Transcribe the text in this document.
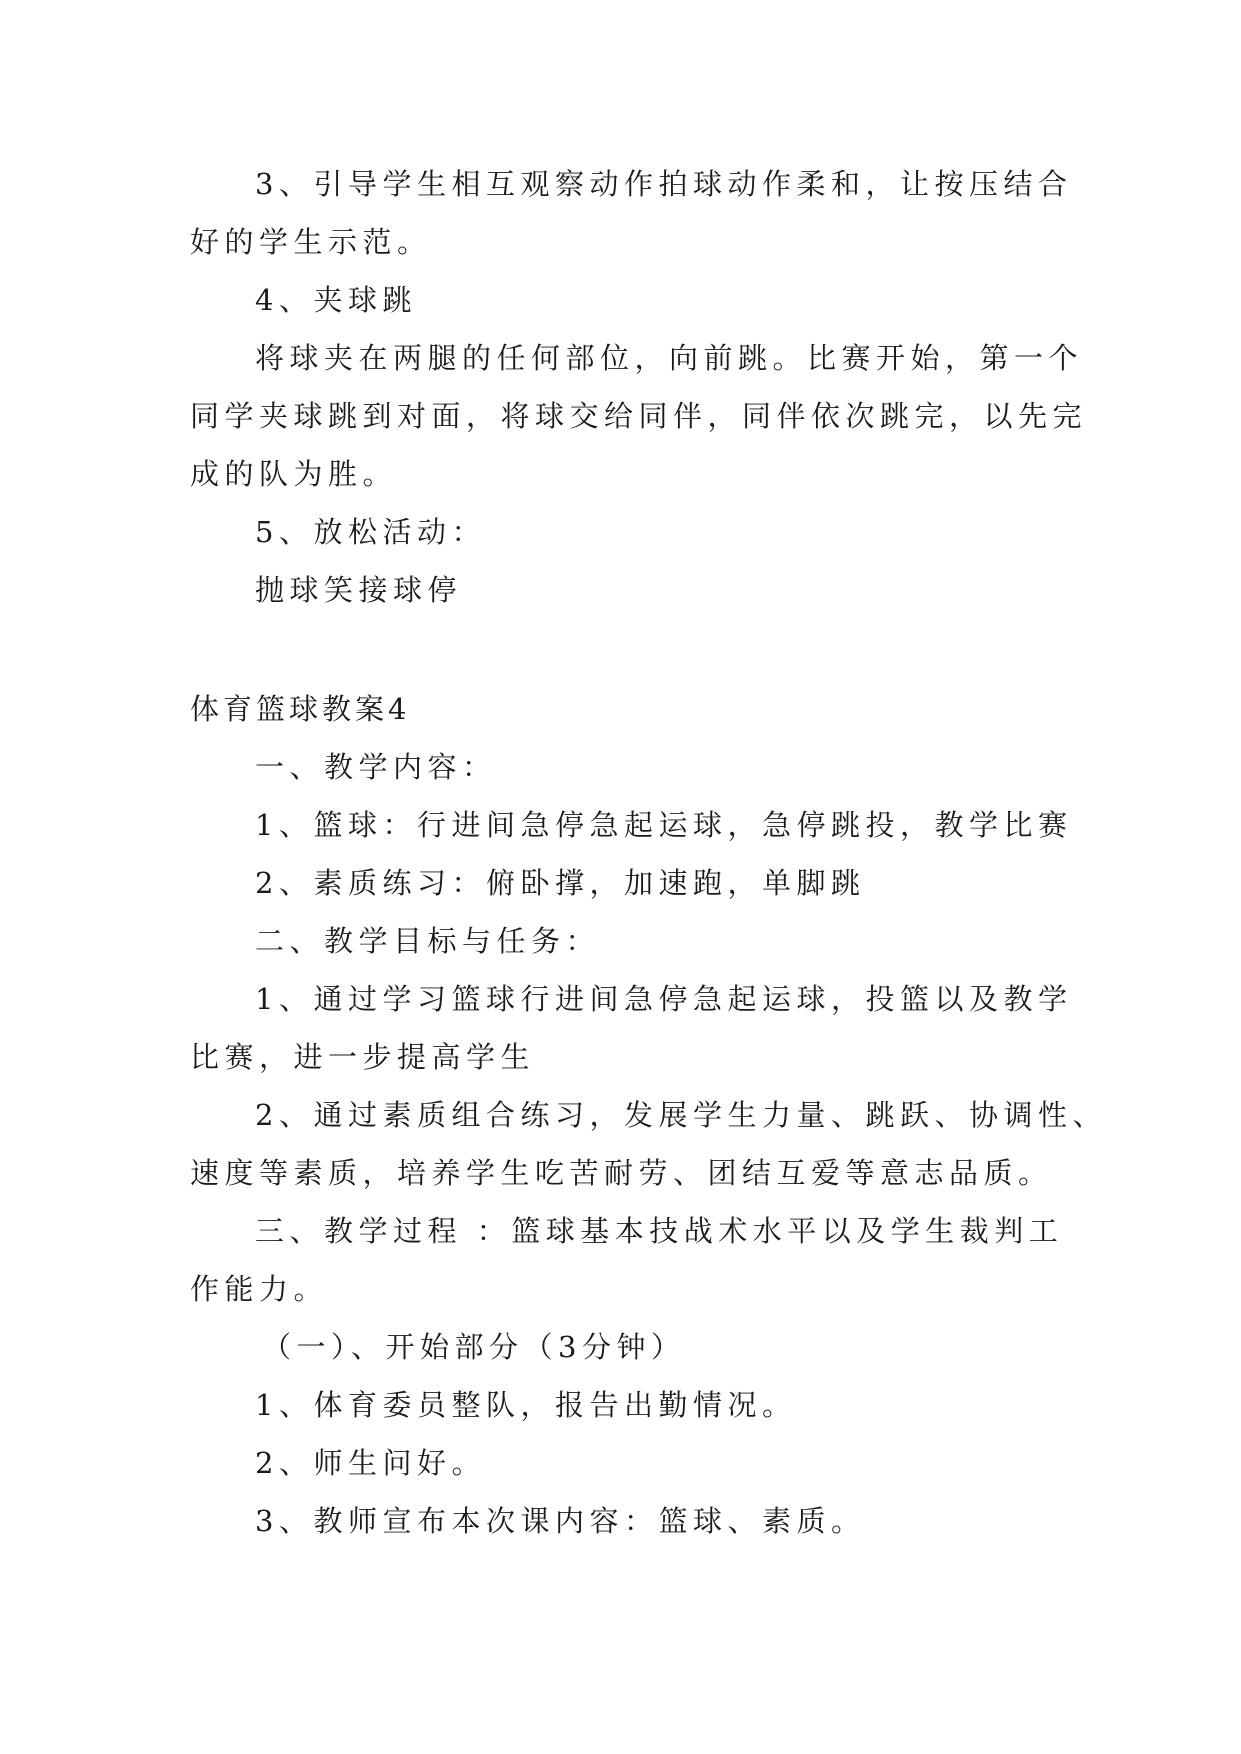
3、引导学生相互观察动作拍球动作柔和，让按压结合
好的学生示范。
4、夹球跳
将球夹在两腿的任何部位，向前跳。比赛开始，第一个
同学夹球跳到对面，将球交给同伴，同伴依次跳完，以先完
成的队为胜。
5、放松活动：
抛球笑接球停
体育篮球教案4
一、教学内容：
1、篮球：行进间急停急起运球，急停跳投，教学比赛
2、素质练习：俯卧撑，加速跑，单脚跳
二、教学目标与任务：
1、通过学习篮球行进间急停急起运球，投篮以及教学
比赛，进一步提高学生
2、通过素质组合练习，发展学生力量、跳跃、协调性、
速度等素质，培养学生吃苦耐劳、团结互爱等意志品质。
三、教学过程 ：篮球基本技战术水平以及学生裁判工
作能力。
（一）、开始部分（3分钟）
1、体育委员整队，报告出勤情况。
2、师生问好。
3、教师宣布本次课内容：篮球、素质。
